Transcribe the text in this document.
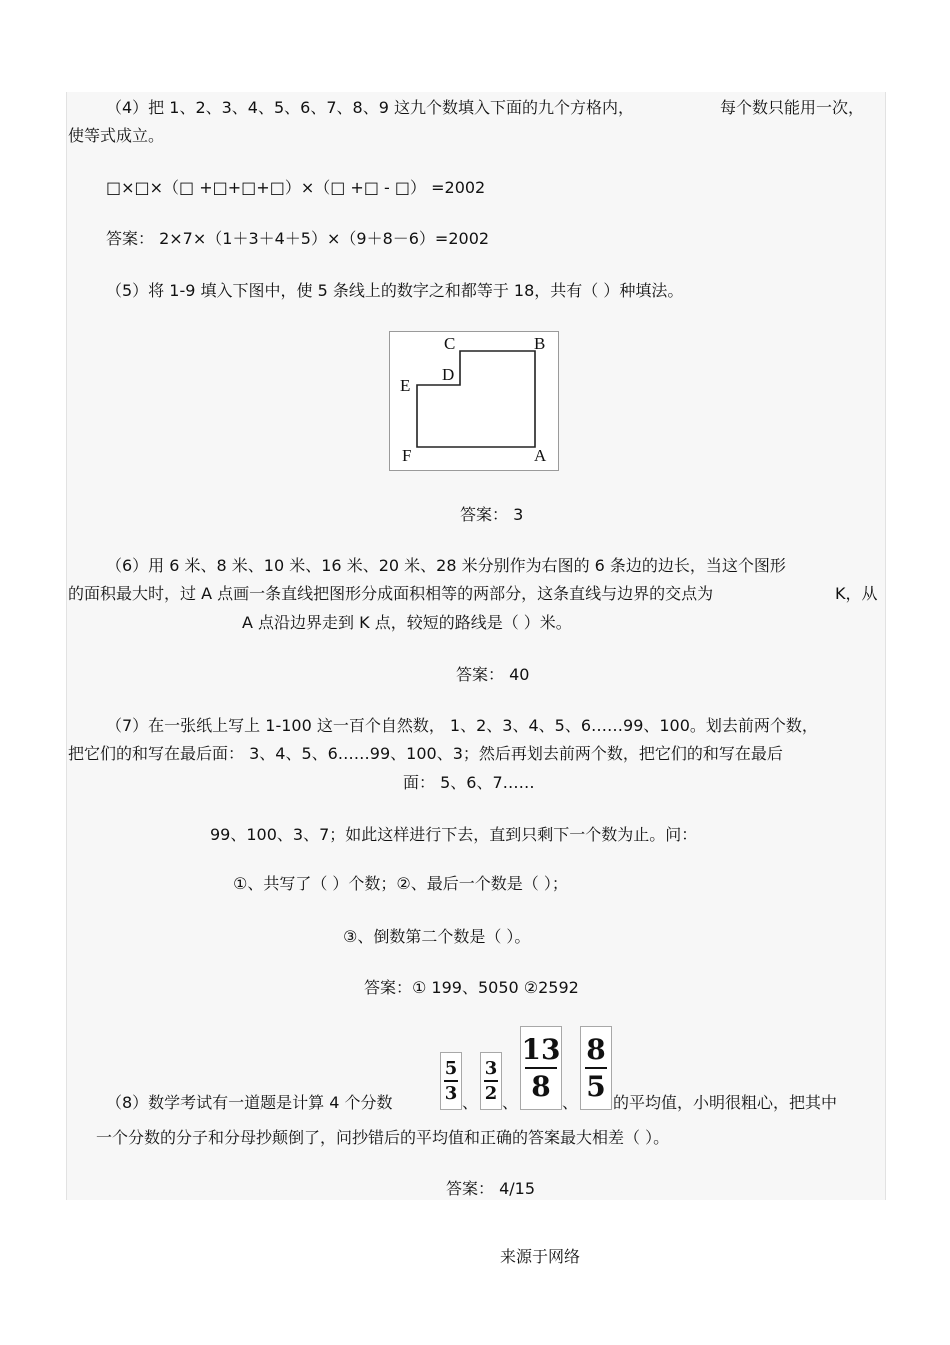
（4）把 1、2、3、4、5、6、7、8、9 这九个数填入下面的九个方格内，	每个数只能用一次，
使等式成立。
□×□×（□ +□+□+□）×（□ +□ - □） =2002
答案： 2×7×（1＋3＋4＋5）×（9＋8－6）=2002
（5）将 1-9 填入下图中，使 5 条线上的数字之和都等于 18，共有（ ）种填法。
C	B
D
E
F	A
答案： 3
（6）用 6 米、8 米、10 米、16 米、20 米、28 米分别作为右图的 6 条边的边长，当这个图形
的面积最大时，过 A 点画一条直线把图形分成面积相等的两部分，这条直线与边界的交点为	K，从
A 点沿边界走到 K 点，较短的路线是（ ）米。
答案： 40
（7）在一张纸上写上 1-100 这一百个自然数， 1、2、3、4、5、6……99、100。划去前两个数，
把它们的和写在最后面： 3、4、5、6……99、100、3；然后再划去前两个数，把它们的和写在最后
面： 5、6、7……
99、100、3、7；如此这样进行下去，直到只剩下一个数为止。问：
①、共写了（ ）个数；②、最后一个数是（ ）；
③、倒数第二个数是（ ）。
答案：① 199、5050 ②2592
（8）数学考试有一道题是计算 4 个分数
5
3 、
3
2 、
13
8 、
8
5 的平均值，小明很粗心，把其中
一个分数的分子和分母抄颠倒了，问抄错后的平均值和正确的答案最大相差（ ）。
答案： 4/15
来源于网络
